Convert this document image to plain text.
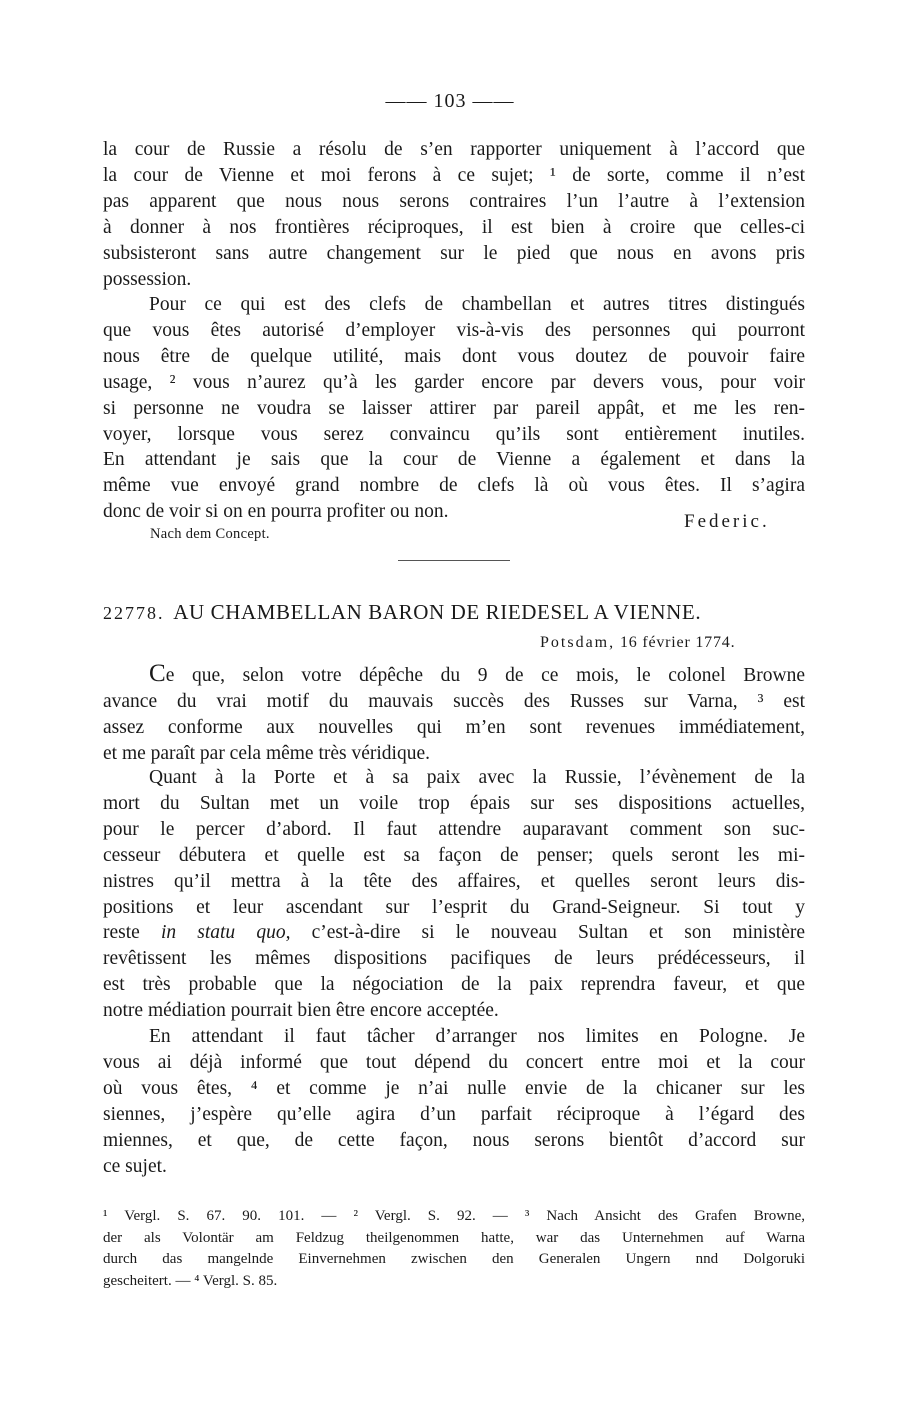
—— 103 ——
la cour de Russie a résolu de s’en rapporter uniquement à l’accord que
la cour de Vienne et moi ferons à ce sujet; ¹ de sorte, comme il n’est
pas apparent que nous nous serons contraires l’un l’autre à l’extension
à donner à nos frontières réciproques, il est bien à croire que celles-ci
subsisteront sans autre changement sur le pied que nous en avons pris
possession.
Pour ce qui est des clefs de chambellan et autres titres distingués
que vous êtes autorisé d’employer vis-à-vis des personnes qui pourront
nous être de quelque utilité, mais dont vous doutez de pouvoir faire
usage, ² vous n’aurez qu’à les garder encore par devers vous, pour voir
si personne ne voudra se laisser attirer par pareil appât, et me les ren-
voyer, lorsque vous serez convaincu qu’ils sont entièrement inutiles.
En attendant je sais que la cour de Vienne a également et dans la
même vue envoyé grand nombre de clefs là où vous êtes. Il s’agira
donc de voir si on en pourra profiter ou non.	Federic.
Nach dem Concept.
22778. AU CHAMBELLAN BARON DE RIEDESEL A VIENNE.
Potsdam, 16 février 1774.
Ce que, selon votre dépêche du 9 de ce mois, le colonel Browne
avance du vrai motif du mauvais succès des Russes sur Varna, ³ est
assez conforme aux nouvelles qui m’en sont revenues immédiatement,
et me paraît par cela même très véridique.
Quant à la Porte et à sa paix avec la Russie, l’évènement de la
mort du Sultan met un voile trop épais sur ses dispositions actuelles,
pour le percer d’abord. Il faut attendre auparavant comment son suc-
cesseur débutera et quelle est sa façon de penser; quels seront les mi-
nistres qu’il mettra à la tête des affaires, et quelles seront leurs dis-
positions et leur ascendant sur l’esprit du Grand-Seigneur. Si tout y
reste in statu quo, c’est-à-dire si le nouveau Sultan et son ministère
revêtissent les mêmes dispositions pacifiques de leurs prédécesseurs, il
est très probable que la négociation de la paix reprendra faveur, et que
notre médiation pourrait bien être encore acceptée.
En attendant il faut tâcher d’arranger nos limites en Pologne. Je
vous ai déjà informé que tout dépend du concert entre moi et la cour
où vous êtes, ⁴ et comme je n’ai nulle envie de la chicaner sur les
siennes, j’espère qu’elle agira d’un parfait réciproque à l’égard des
miennes, et que, de cette façon, nous serons bientôt d’accord sur
ce sujet.
¹ Vergl. S. 67. 90. 101. — ² Vergl. S. 92. — ³ Nach Ansicht des Grafen Browne,
der als Volontär am Feldzug theilgenommen hatte, war das Unternehmen auf Warna
durch das mangelnde Einvernehmen zwischen den Generalen Ungern nnd Dolgoruki
gescheitert. — ⁴ Vergl. S. 85.
